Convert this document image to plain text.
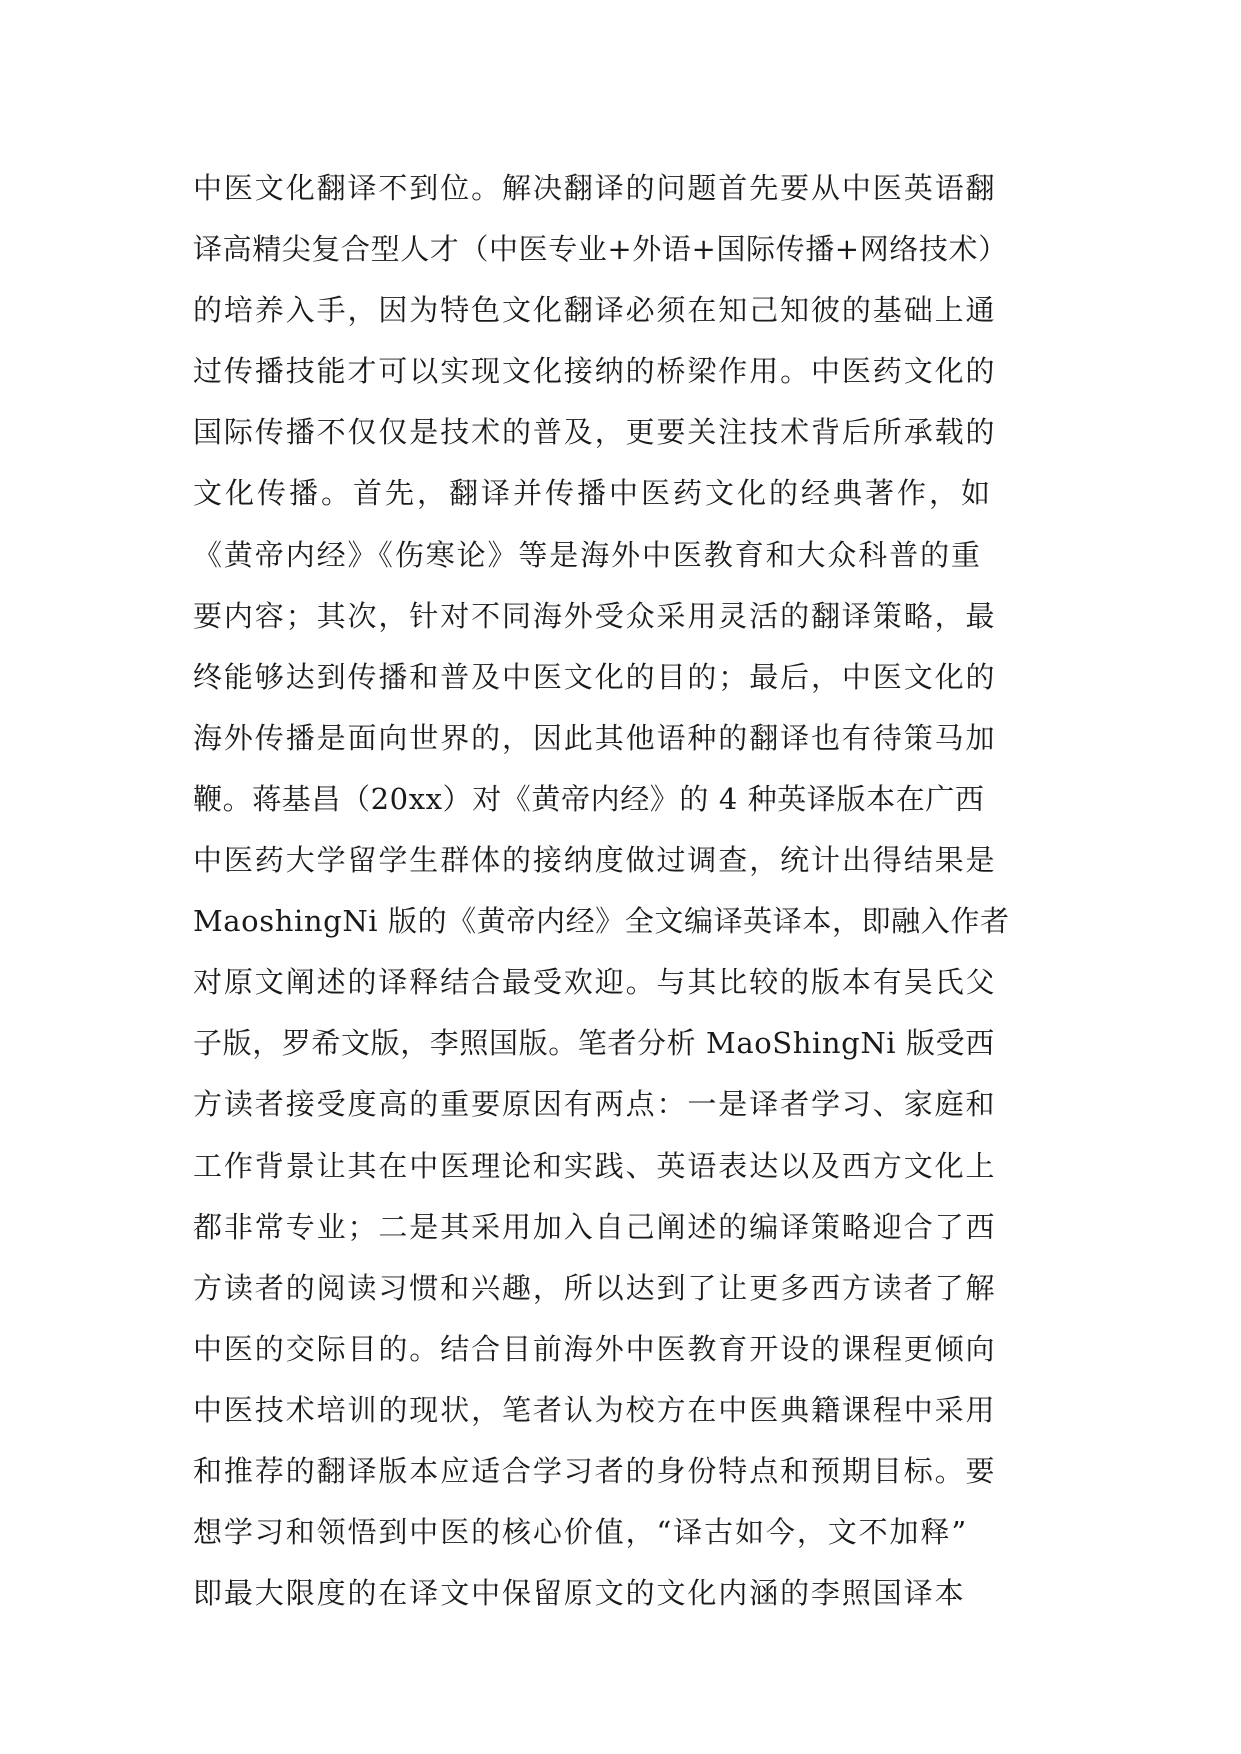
中医文化翻译不到位。解决翻译的问题首先要从中医英语翻
译高精尖复合型人才（中医专业+外语+国际传播+网络技术）
的培养入手，因为特色文化翻译必须在知己知彼的基础上通
过传播技能才可以实现文化接纳的桥梁作用。中医药文化的
国际传播不仅仅是技术的普及，更要关注技术背后所承载的
文化传播。首先，翻译并传播中医药文化的经典著作，如
《黄帝内经》《伤寒论》等是海外中医教育和大众科普的重
要内容；其次，针对不同海外受众采用灵活的翻译策略，最
终能够达到传播和普及中医文化的目的；最后，中医文化的
海外传播是面向世界的，因此其他语种的翻译也有待策马加
鞭。蒋基昌（20xx）对《黄帝内经》的 4 种英译版本在广西
中医药大学留学生群体的接纳度做过调查，统计出得结果是
MaoshingNi 版的《黄帝内经》全文编译英译本，即融入作者
对原文阐述的译释结合最受欢迎。与其比较的版本有吴氏父
子版，罗希文版，李照国版。笔者分析 MaoShingNi 版受西
方读者接受度高的重要原因有两点：一是译者学习、家庭和
工作背景让其在中医理论和实践、英语表达以及西方文化上
都非常专业；二是其采用加入自己阐述的编译策略迎合了西
方读者的阅读习惯和兴趣，所以达到了让更多西方读者了解
中医的交际目的。结合目前海外中医教育开设的课程更倾向
中医技术培训的现状，笔者认为校方在中医典籍课程中采用
和推荐的翻译版本应适合学习者的身份特点和预期目标。要
想学习和领悟到中医的核心价值，“译古如今，文不加释”
即最大限度的在译文中保留原文的文化内涵的李照国译本
